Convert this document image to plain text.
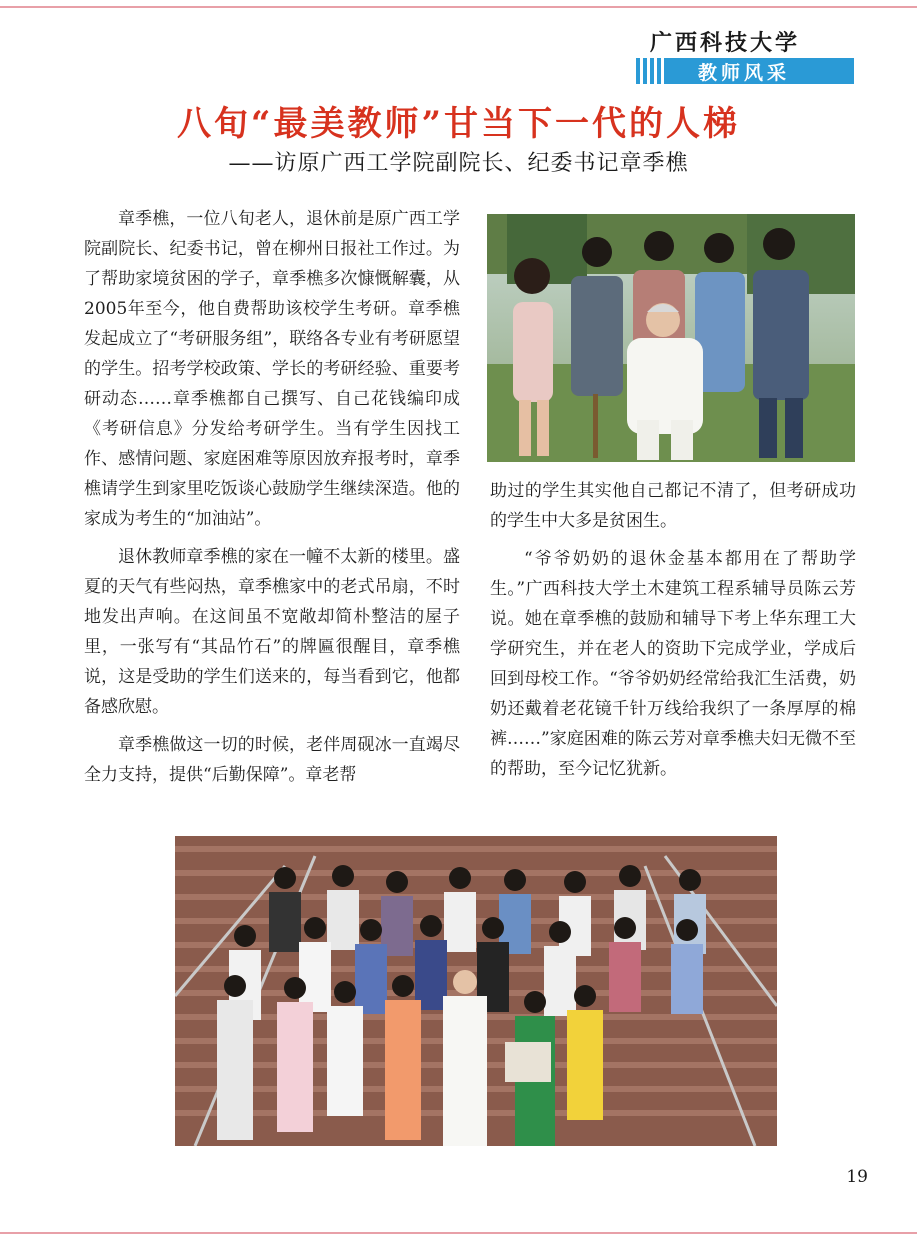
广西科技大学
教师风采
八旬“最美教师”甘当下一代的人梯
——访原广西工学院副院长、纪委书记章季樵

章季樵，一位八旬老人，退休前是原广西工学院副院长、纪委书记，曾在柳州日报社工作过。为了帮助家境贫困的学子，章季樵多次慷慨解囊，从2005年至今，他自费帮助该校学生考研。章季樵发起成立了“考研服务组”，联络各专业有考研愿望的学生。招考学校政策、学长的考研经验、重要考研动态……章季樵都自己撰写、自己花钱编印成《考研信息》分发给考研学生。当有学生因找工作、感情问题、家庭困难等原因放弃报考时，章季樵请学生到家里吃饭谈心鼓励学生继续深造。他的家成为考生的“加油站”。

退休教师章季樵的家在一幢不太新的楼里。盛夏的天气有些闷热，章季樵家中的老式吊扇，不时地发出声响。在这间虽不宽敞却简朴整洁的屋子里，一张写有“其品竹石”的牌匾很醒目，章季樵说，这是受助的学生们送来的，每当看到它，他都备感欣慰。

章季樵做这一切的时候，老伴周砚冰一直竭尽全力支持，提供“后勤保障”。章老帮

助过的学生其实他自己都记不清了，但考研成功的学生中大多是贫困生。

“爷爷奶奶的退休金基本都用在了帮助学生。”广西科技大学土木建筑工程系辅导员陈云芳说。她在章季樵的鼓励和辅导下考上华东理工大学研究生，并在老人的资助下完成学业，学成后回到母校工作。“爷爷奶奶经常给我汇生活费，奶奶还戴着老花镜千针万线给我织了一条厚厚的棉裤……”家庭困难的陈云芳对章季樵夫妇无微不至的帮助，至今记忆犹新。

19
